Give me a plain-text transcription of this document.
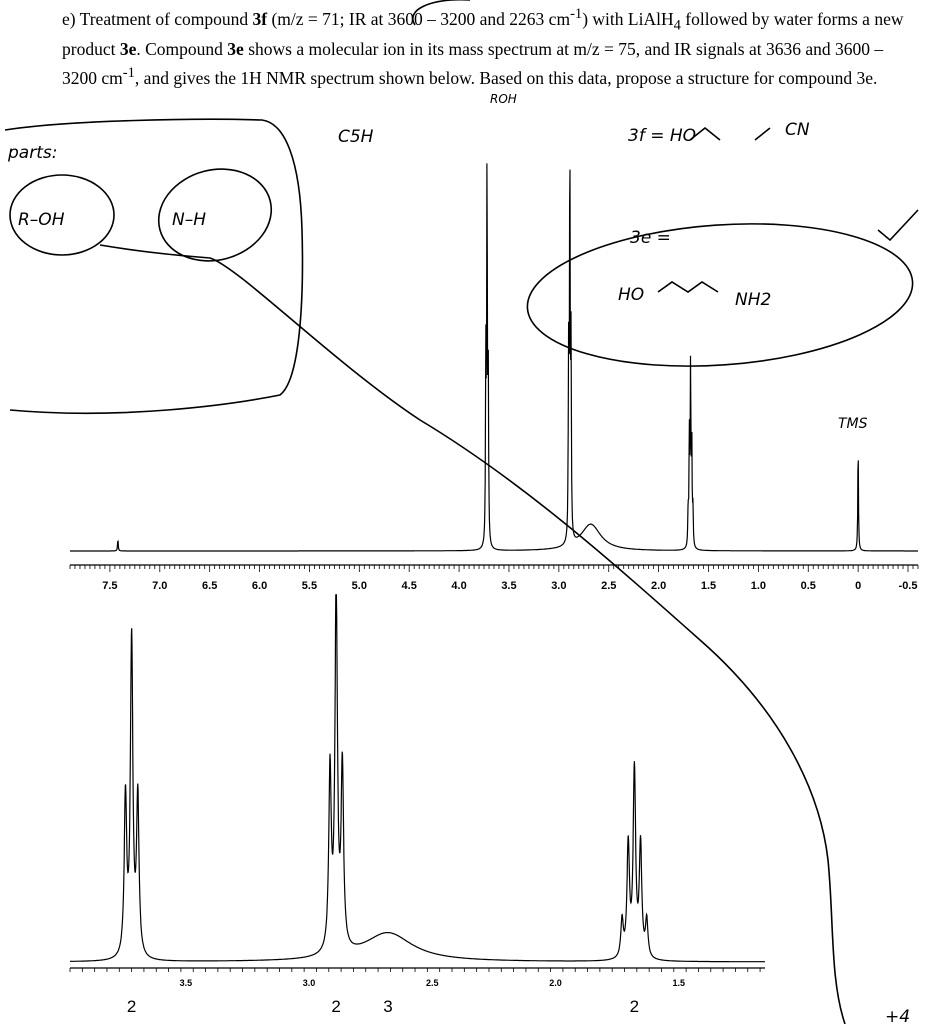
e) Treatment of compound 3f (m/z = 71; IR at 3600 – 3200 and 2263 $cm^{-1}$) with LiAlH$_4$ followed by water forms a new product 3e. Compound 3e shows a molecular ion in its mass spectrum at m/z = 75, and IR signals at 3636 and 3600 – 3200 $cm^{-1}$, and gives the 1H NMR spectrum shown below. Based on this data, propose a structure for compound 3e.

parts:
R–OH	N–H
C5H	3f = HO	CN
3e =
HO	NH2
TMS
ROH
+4
7.5	7.0	6.5	6.0	5.5	5.0	4.5	4.0	3.5	3.0	2.5	2.0	1.5	1.0	0.5	0	-0.5
3.5	3.0	2.5	2.0	1.5
2	2 3	2
